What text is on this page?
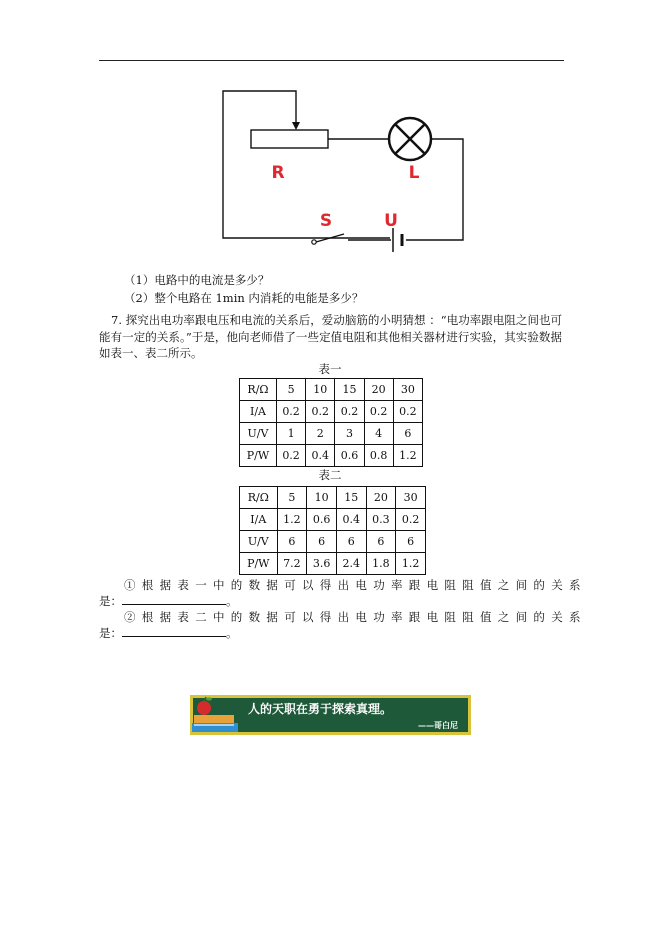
R	L
S	U
（1）电路中的电流是多少？
（2）整个电路在 1min 内消耗的电能是多少？
7. 探究出电功率跟电压和电流的关系后，爱动脑筋的小明猜想 ：“电功率跟电阻之间也可能有一定的关系。”于是，他向老师借了一些定值电阻和其他相关器材进行实验，其实验数据如表一、表二所示。
表一
R/Ω	5	10	15	20	30
I/A	0.2	0.2	0.2	0.2	0.2
U/V	1	2	3	4	6
P/W	0.2	0.4	0.6	0.8	1.2
表二
R/Ω	5	10	15	20	30
I/A	1.2	0.6	0.4	0.3	0.2
U/V	6	6	6	6	6
P/W	7.2	3.6	2.4	1.8	1.2
①根据表一中的数据可以得出电功率跟电阻阻值之间的关系
是：	。
②根据表二中的数据可以得出电功率跟电阻阻值之间的关系
是：	。
人的天职在勇于探索真理。
——哥白尼
